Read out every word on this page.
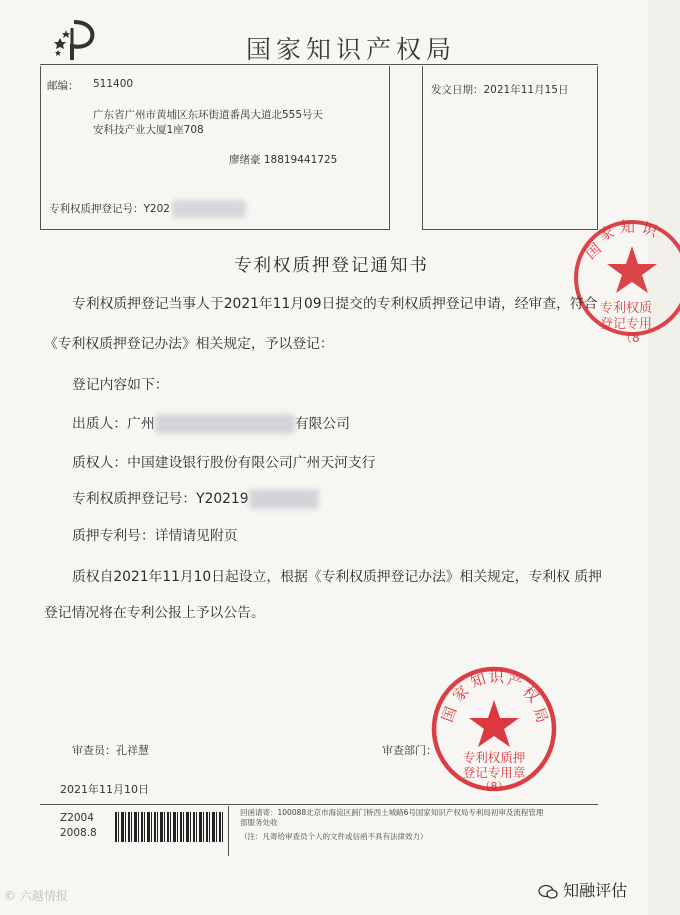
国家知识产权局
邮编： 511400
广东省广州市黄埔区东环街道番禺大道北555号天
安科技产业大厦1座708
廖绪豪 18819441725
专利权质押登记号：Y202
发文日期：2021年11月15日
国
家 知 识
专利权质
登记专用
（8
专利权质押登记通知书
专利权质押登记当事人于2021年11月09日提交的专利权质押登记申请，经审查，符合
《专利权质押登记办法》相关规定，予以登记：
登记内容如下：
出质人：广州	有限公司
质权人：中国建设银行股份有限公司广州天河支行
专利权质押登记号：Y20219
质押专利号：详情请见附页
质权自2021年11月10日起设立，根据《专利权质押登记办法》相关规定，专利权 质押
登记情况将在专利公报上予以公告。
国
家
知 识 产
权
局
专利权质押
登记专用章
（8）
审查员：孔祥慧	审查部门：
2021年11月10日
Z2004
2008.8
回函请寄：100088北京市海淀区蓟门桥西土城路6号国家知识产权局专利局初审及流程管理
部服务处收
（注：凡寄给审查员个人的文件或信函不具有法律效力）
© 六越情报	知融评估
